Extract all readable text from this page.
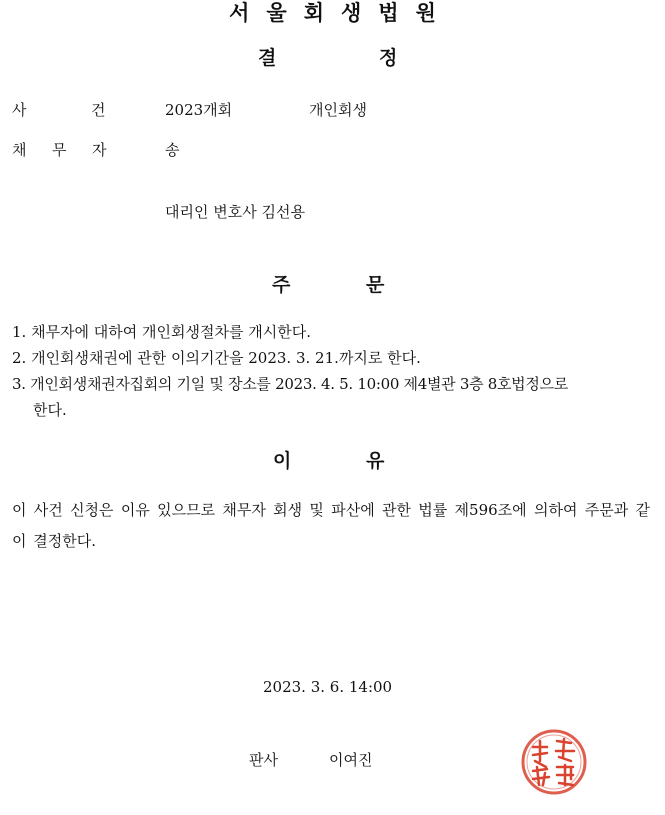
서울회생법원
결	정
사	건	2023개회	개인회생
채 무 자	송
대리인 변호사 김선용
주	문
1. 채무자에 대하여 개인회생절차를 개시한다.
2. 개인회생채권에 관한 이의기간을 2023. 3. 21.까지로 한다.
3. 개인회생채권자집회의 기일 및 장소를 2023. 4. 5. 10:00 제4별관 3층 8호법정으로
한다.
이	유
이 사건 신청은 이유 있으므로 채무자 회생 및 파산에 관한 법률 제596조에 의하여 주문과 같이 결정한다.
2023. 3. 6. 14:00
판사	이여진
